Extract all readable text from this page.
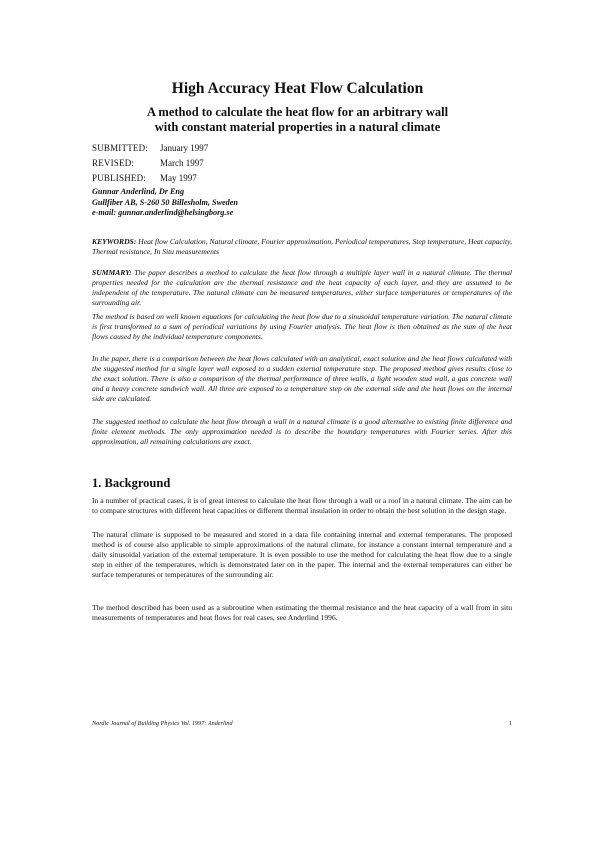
High Accuracy Heat Flow Calculation
A method to calculate the heat flow for an arbitrary wall
with constant material properties in a natural climate
SUBMITTED:	January 1997
REVISED:	March 1997
PUBLISHED:	May 1997
Gunnar Anderlind, Dr Eng
Gullfiber AB, S-260 50 Billesholm, Sweden
e-mail: gunnar.anderlind@helsingborg.se
KEYWORDS: Heat flow Calculation, Natural climate, Fourier approximation, Periodical temperatures, Step temperature, Heat capacity, Thermal resistance, In Situ measurements
SUMMARY: The paper describes a method to calculate the heat flow through a multiple layer wall in a natural climate. The thermal properties needed for the calculation are the thermal resistance and the heat capacity of each layer, and they are assumed to be independent of the temperature. The natural climate can be measured temperatures, either surface temperatures or temperatures of the surrounding air.
The method is based on well known equations for calculating the heat flow due to a sinusoidal temperature variation. The natural climate is first transformed to a sum of periodical variations by using Fourier analysis. The heat flow is then obtained as the sum of the heat flows caused by the individual temperature components.
In the paper, there is a comparison between the heat flows calculated with an analytical, exact solution and the heat flows calculated with the suggested method for a single layer wall exposed to a sudden external temperature step. The proposed method gives results close to the exact solution. There is also a comparison of the thermal performance of three walls, a light wooden stud wall, a gas concrete wall and a heavy concrete sandwich wall. All three are exposed to a temperature step on the external side and the heat flows on the internal side are calculated.
The suggested method to calculate the heat flow through a wall in a natural climate is a good alternative to existing finite difference and finite element methods. The only approximation needed is to describe the boundary temperatures with Fourier series. After this approximation, all remaining calculations are exact.
1. Background
In a number of practical cases, it is of great interest to calculate the heat flow through a wall or a roof in a natural climate. The aim can be to compare structures with different heat capacities or different thermal insulation in order to obtain the best solution in the design stage.
The natural climate is supposed to be measured and stored in a data file containing internal and external temperatures. The proposed method is of course also applicable to simple approximations of the natural climate, for instance a constant internal temperature and a daily sinusoidal variation of the external temperature. It is even possible to use the method for calculating the heat flow due to a single step in either of the temperatures, which is demonstrated later on in the paper. The internal and the external temperatures can either be surface temperatures or temperatures of the surrounding air.
The method described has been used as a subroutine when estimating the thermal resistance and the heat capacity of a wall from in situ measurements of temperatures and heat flows for real cases, see Anderlind 1996.
Nordic Journal of Building Physics Vol. 1997: Anderlind	1
